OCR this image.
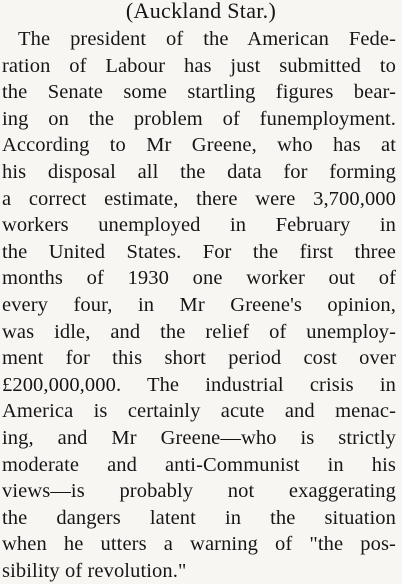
(Auckland Star.)
The president of the American Fede-
ration of Labour has just submitted to
the Senate some startling figures bear-
ing on the problem of funemployment.
According to Mr Greene, who has at
his disposal all the data for forming
a correct estimate, there were 3,700,000
workers unemployed in February in
the United States. For the first three
months of 1930 one worker out of
every four, in Mr Greene's opinion,
was idle, and the relief of unemploy-
ment for this short period cost over
£200,000,000. The industrial crisis in
America is certainly acute and menac-
ing, and Mr Greene—who is strictly
moderate and anti-Communist in his
views—is probably not exaggerating
the dangers latent in the situation
when he utters a warning of "the pos-
sibility of revolution."
